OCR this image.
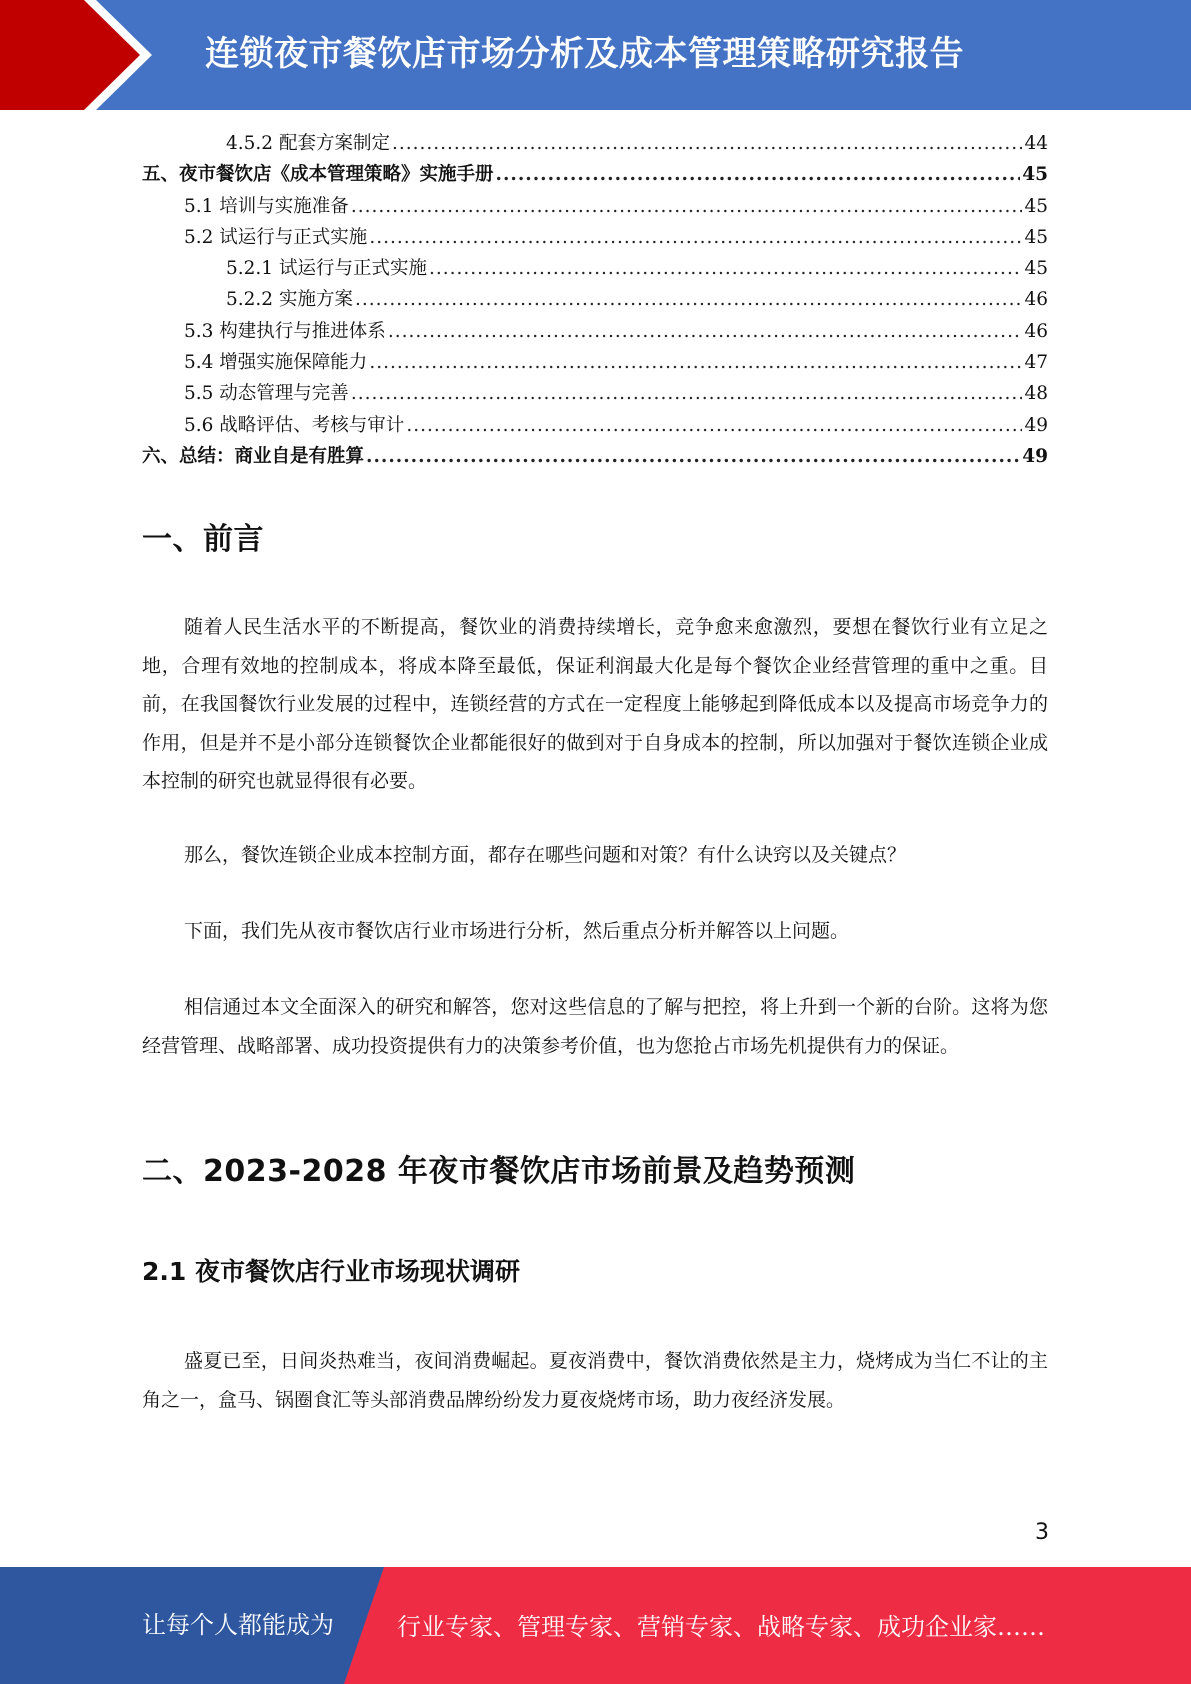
连锁夜市餐饮店市场分析及成本管理策略研究报告
4.5.2 配套方案制定 .....	44
五、夜市餐饮店《成本管理策略》实施手册 .....	45
5.1 培训与实施准备 .....	45
5.2 试运行与正式实施 .....	45
5.2.1 试运行与正式实施 .....	45
5.2.2 实施方案 .....	46
5.3 构建执行与推进体系 .....	46
5.4 增强实施保障能力 .....	47
5.5 动态管理与完善 .....	48
5.6 战略评估、考核与审计 .....	49
六、总结：商业自是有胜算 .....	49
一、前言

随着人民生活水平的不断提高，餐饮业的消费持续增长，竞争愈来愈激烈，要想在餐饮行业有立足之地，合理有效地的控制成本，将成本降至最低，保证利润最大化是每个餐饮企业经营管理的重中之重。目前，在我国餐饮行业发展的过程中，连锁经营的方式在一定程度上能够起到降低成本以及提高市场竞争力的作用，但是并不是小部分连锁餐饮企业都能很好的做到对于自身成本的控制，所以加强对于餐饮连锁企业成本控制的研究也就显得很有必要。

那么，餐饮连锁企业成本控制方面，都存在哪些问题和对策？有什么诀窍以及关键点？

下面，我们先从夜市餐饮店行业市场进行分析，然后重点分析并解答以上问题。

相信通过本文全面深入的研究和解答，您对这些信息的了解与把控，将上升到一个新的台阶。这将为您经营管理、战略部署、成功投资提供有力的决策参考价值，也为您抢占市场先机提供有力的保证。

二、2023-2028 年夜市餐饮店市场前景及趋势预测
2.1 夜市餐饮店行业市场现状调研

盛夏已至，日间炎热难当，夜间消费崛起。夏夜消费中，餐饮消费依然是主力，烧烤成为当仁不让的主角之一，盒马、锅圈食汇等头部消费品牌纷纷发力夏夜烧烤市场，助力夜经济发展。

3
让每个人都能成为	行业专家、管理专家、营销专家、战略专家、成功企业家……
